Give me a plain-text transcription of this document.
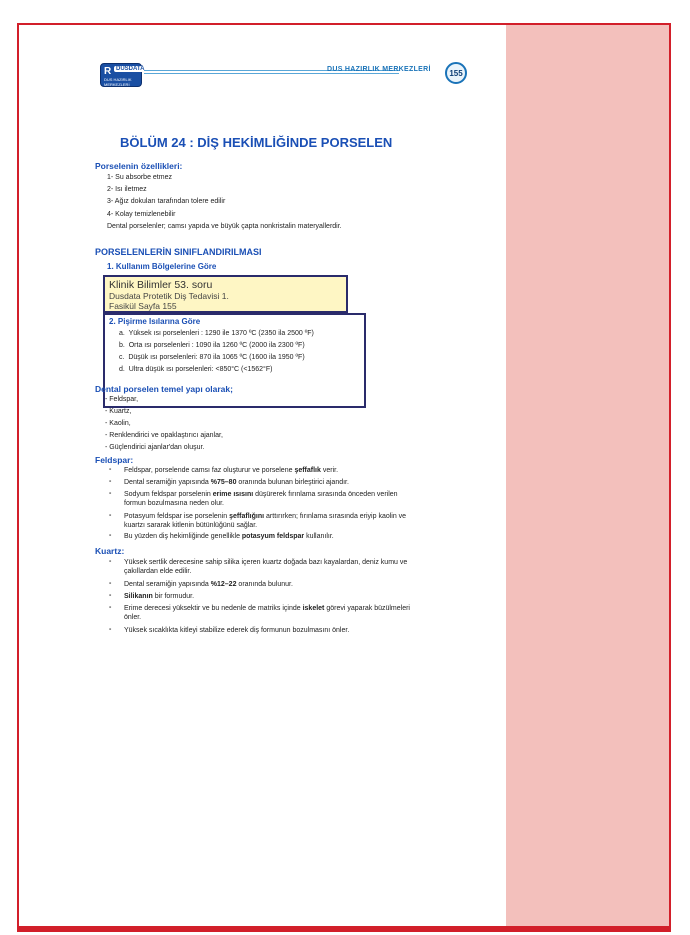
R DUSDATA
DUS HAZIRLIK MERKEZLERİ
DUS HAZIRLIK MERKEZLERİ	155
BÖLÜM 24 : DİŞ HEKİMLİĞİNDE PORSELEN
Porselenin özellikleri:
1- Su absorbe etmez
2- Isı iletmez
3- Ağız dokuları tarafından tolere edilir
4- Kolay temizlenebilir
Dental porselenler; camsı yapıda ve büyük çapta nonkristalin materyallerdir.
PORSELENLERİN SINIFLANDIRILMASI
1. Kullanım Bölgelerine Göre
2. Pişirme Isılarına Göre
a. Yüksek ısı porselenleri : 1290 ile 1370 ºC (2350 ila 2500 ºF)
b. Orta ısı porselenleri : 1090 ila 1260 ºC (2000 ila 2300 ºF)
c. Düşük ısı porselenleri: 870 ila 1065 ºC (1600 ila 1950 ºF)
d. Ultra düşük ısı porselenleri: <850°C (<1562°F)
Klinik Bilimler 53. soru
Dusdata Protetik Diş Tedavisi 1.
Fasikül Sayfa 155
Dental porselen temel yapı olarak;
- Feldspar,
- Kuartz,
- Kaolin,
- Renklendirici ve opaklaştırıcı ajanlar,
- Güçlendirici ajanlar'dan oluşur.
Feldspar:
- Feldspar, porselende camsı faz oluşturur ve porselene şeffaflık verir.
- Dental seramiğin yapısında %75–80 oranında bulunan birleştirici ajandır.
- Sodyum feldspar porselenin erime ısısını düşürerek fırınlama sırasında önceden verilen formun bozulmasına neden olur.
- Potasyum feldspar ise porselenin şeffaflığını arttırırken; fırınlama sırasında eriyip kaolin ve kuartzı sararak kitlenin bütünlüğünü sağlar.
- Bu yüzden diş hekimliğinde genellikle potasyum feldspar kullanılır.
Kuartz:
- Yüksek sertlik derecesine sahip silika içeren kuartz doğada bazı kayalardan, deniz kumu ve çakıllardan elde edilir.
- Dental seramiğin yapısında %12–22 oranında bulunur.
- Silikanın bir formudur.
- Erime derecesi yüksektir ve bu nedenle de matriks içinde iskelet görevi yaparak büzülmeleri önler.
- Yüksek sıcaklıkta kitleyi stabilize ederek diş formunun bozulmasını önler.
